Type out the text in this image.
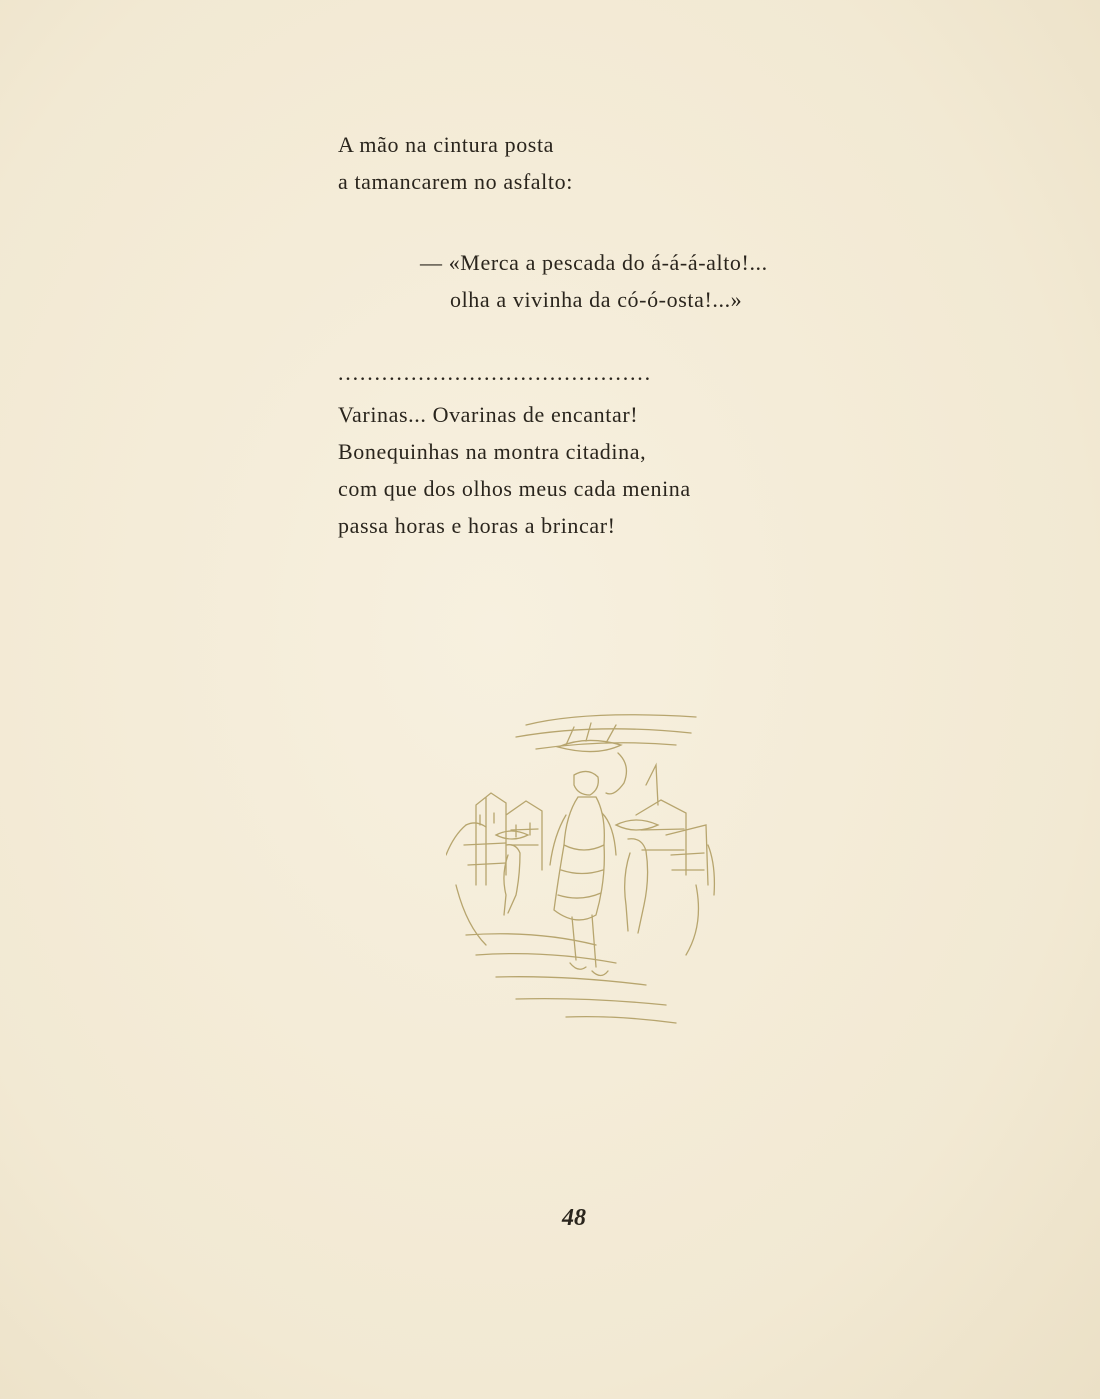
A mão na cintura posta
a tamancarem no asfalto:
— «Merca a pescada do á-á-á-alto!...
olha a vivinha da có-ó-osta!...»
...........................................
Varinas... Ovarinas de encantar!
Bonequinhas na montra citadina,
com que dos olhos meus cada menina
passa horas e horas a brincar!
48
